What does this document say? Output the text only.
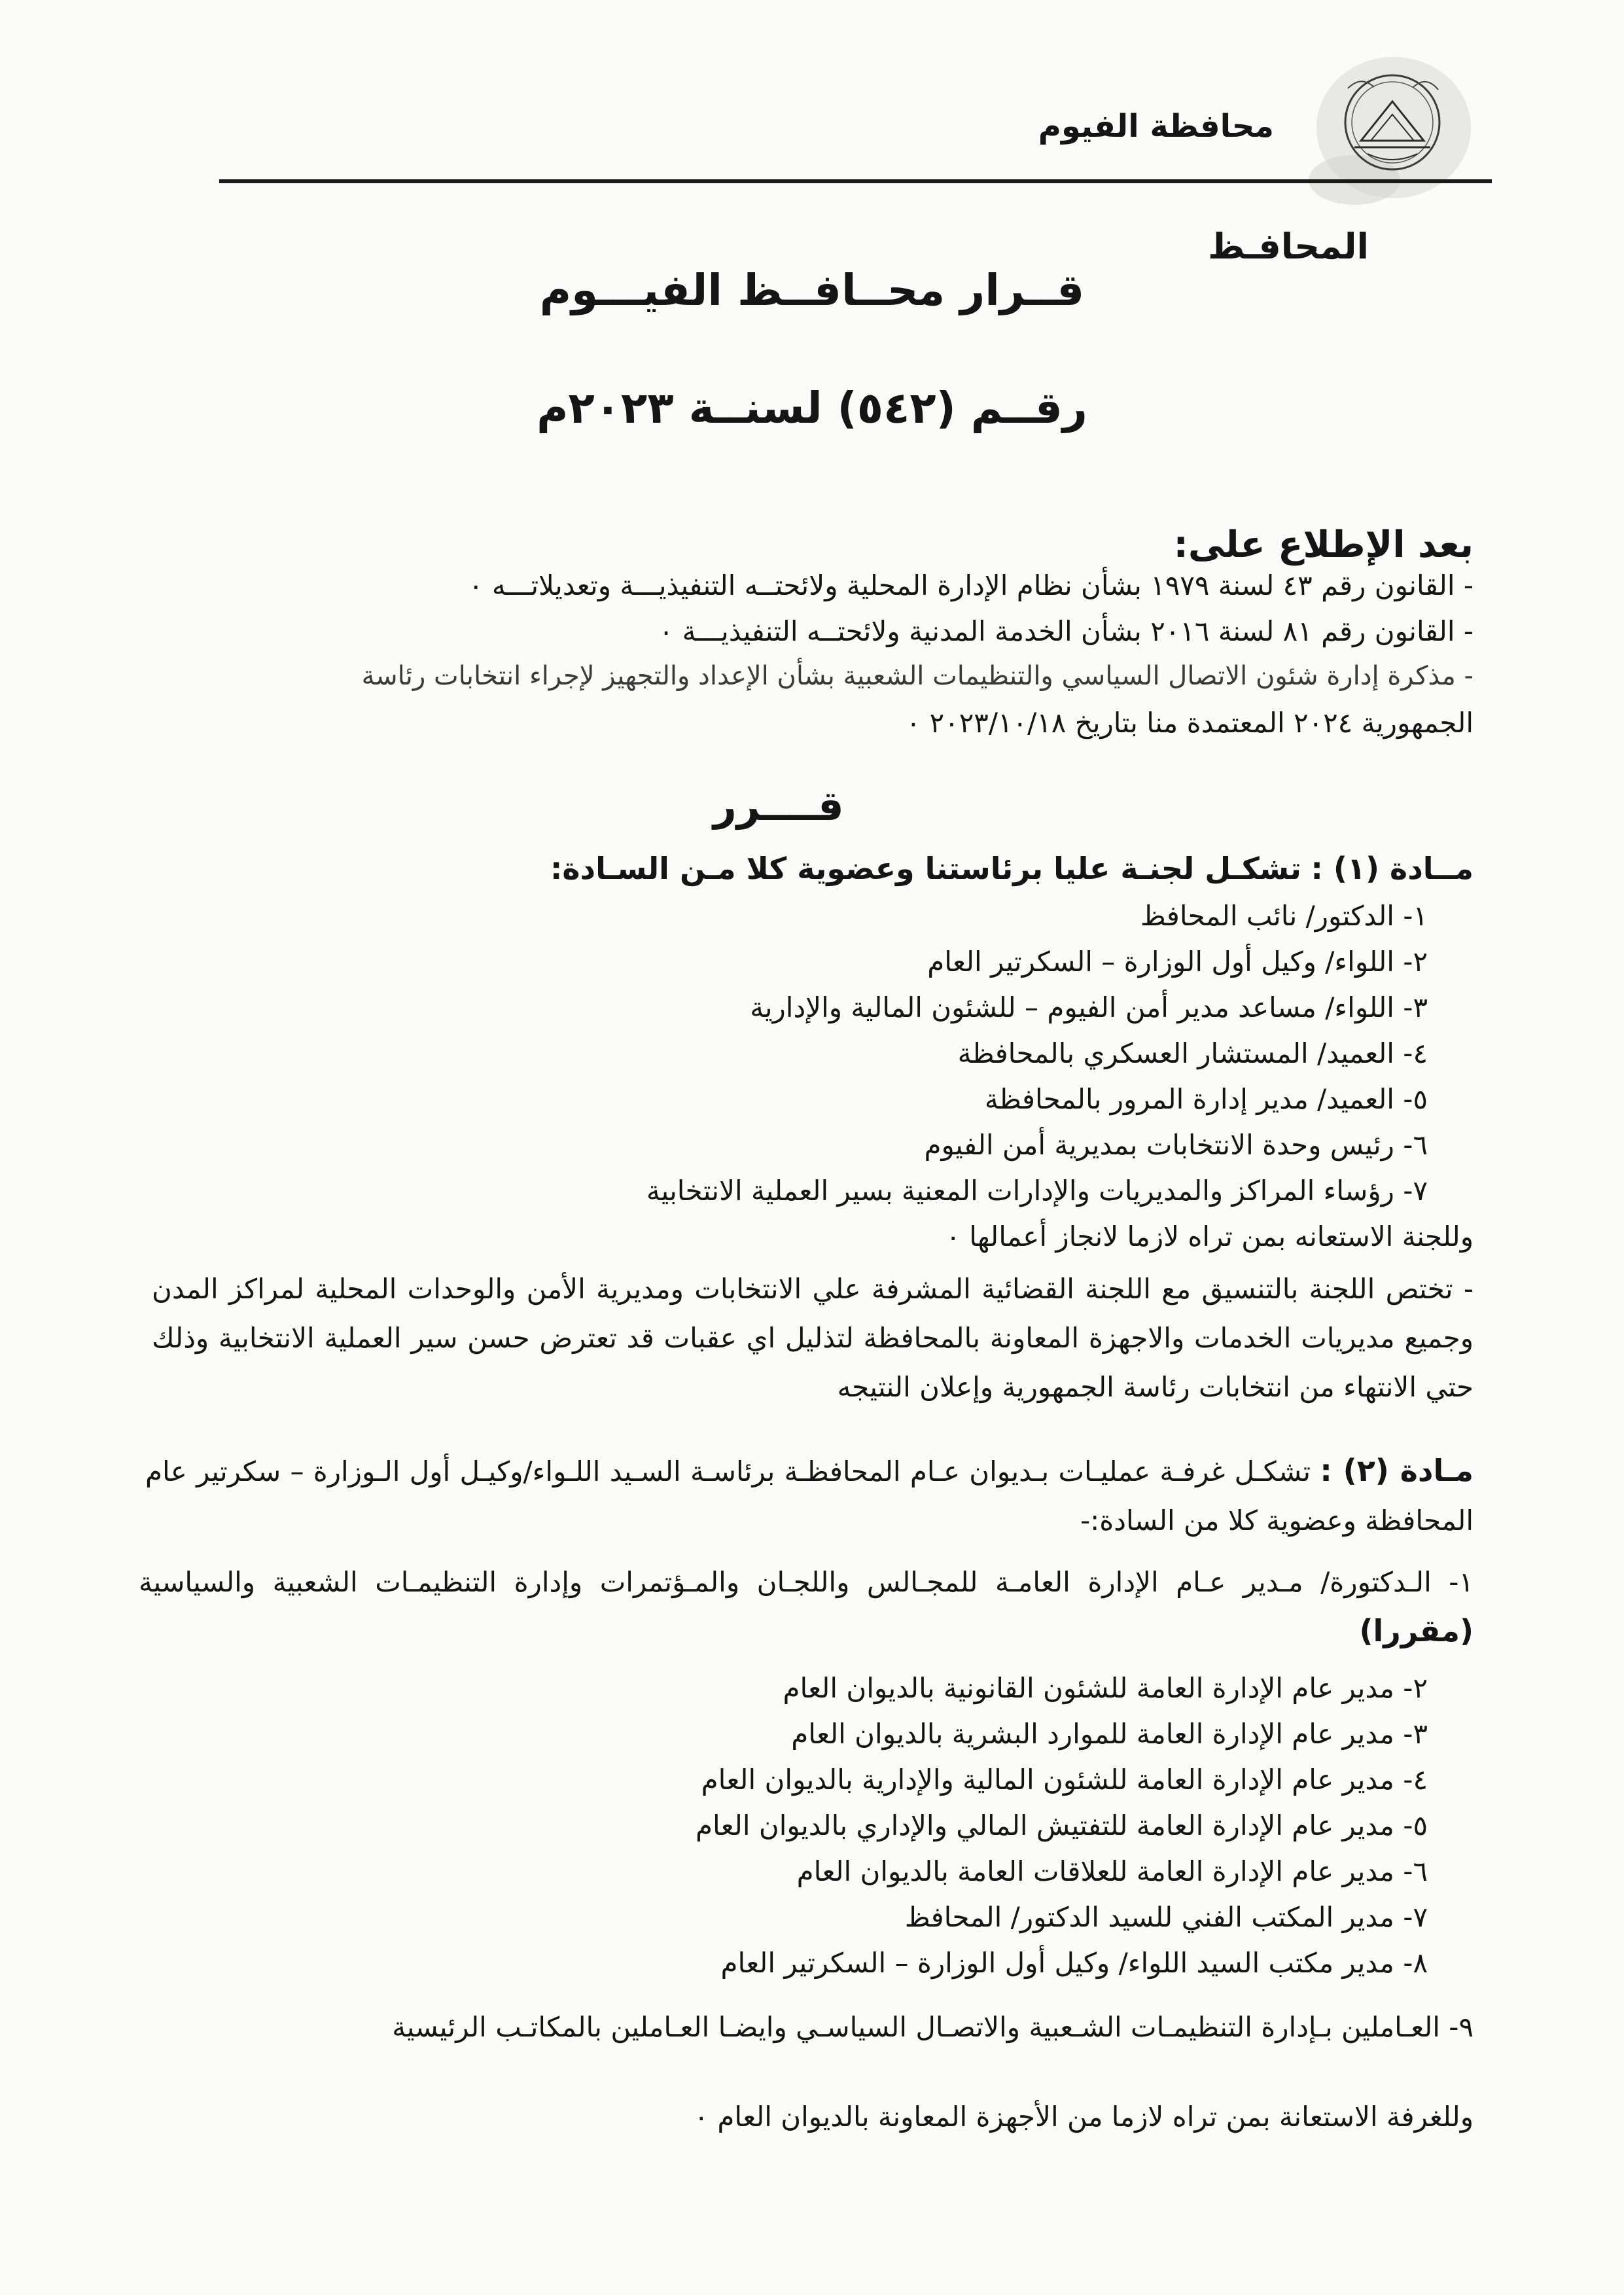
محافظة الفيوم
المحافـظ
قــرار محــافــظ الفيـــوم
رقــم (٥٤٢) لسنــة ٢٠٢٣م
بعد الإطلاع على:
- القانون رقم ٤٣ لسنة ١٩٧٩ بشأن نظام الإدارة المحلية ولائحتــه التنفيذيـــة وتعديلاتـــه ٠
- القانون رقم ٨١ لسنة ٢٠١٦ بشأن الخدمة المدنية ولائحتــه التنفيذيـــة ٠
- مذكرة إدارة شئون الاتصال السياسي والتنظيمات الشعبية بشأن الإعداد والتجهيز لإجراء انتخابات رئاسة
الجمهورية ٢٠٢٤ المعتمدة منا بتاريخ ٢٠٢٣/١٠/١٨ ٠
قــــرر
مــادة (١) : تشكـل لجنـة عليا برئاستنا وعضوية كلا مـن السـادة:
١- الدكتور/ نائب المحافظ
٢- اللواء/ وكيل أول الوزارة – السكرتير العام
٣- اللواء/ مساعد مدير أمن الفيوم – للشئون المالية والإدارية
٤- العميد/ المستشار العسكري بالمحافظة
٥- العميد/ مدير إدارة المرور بالمحافظة
٦- رئيس وحدة الانتخابات بمديرية أمن الفيوم
٧- رؤساء المراكز والمديريات والإدارات المعنية بسير العملية الانتخابية
وللجنة الاستعانه بمن تراه لازما لانجاز أعمالها ٠
- تختص اللجنة بالتنسيق مع اللجنة القضائية المشرفة علي الانتخابات ومديرية الأمن والوحدات المحلية لمراكز المدن وجميع مديريات الخدمات والاجهزة المعاونة بالمحافظة لتذليل اي عقبات قد تعترض حسن سير العملية الانتخابية وذلك حتي الانتهاء من انتخابات رئاسة الجمهورية وإعلان النتيجه
مـادة (٢) : تشكـل غرفـة عمليـات بـديوان عـام المحافظـة برئاسـة السـيد اللـواء/وكيـل أول الـوزارة – سكرتير عام المحافظة وعضوية كلا من السادة:-
١- الـدكتورة/ مـدير عـام الإدارة العامـة للمجـالس واللجـان والمـؤتمرات وإدارة التنظيمـات الشعبية والسياسية (مقررا)
٢- مدير عام الإدارة العامة للشئون القانونية بالديوان العام
٣- مدير عام الإدارة العامة للموارد البشرية بالديوان العام
٤- مدير عام الإدارة العامة للشئون المالية والإدارية بالديوان العام
٥- مدير عام الإدارة العامة للتفتيش المالي والإداري بالديوان العام
٦- مدير عام الإدارة العامة للعلاقات العامة بالديوان العام
٧- مدير المكتب الفني للسيد الدكتور/ المحافظ
٨- مدير مكتب السيد اللواء/ وكيل أول الوزارة – السكرتير العام
٩- العـاملين بـإدارة التنظيمـات الشـعبية والاتصـال السياسـي وايضـا العـاملين بالمكاتـب الرئيسية
وللغرفة الاستعانة بمن تراه لازما من الأجهزة المعاونة بالديوان العام ٠
